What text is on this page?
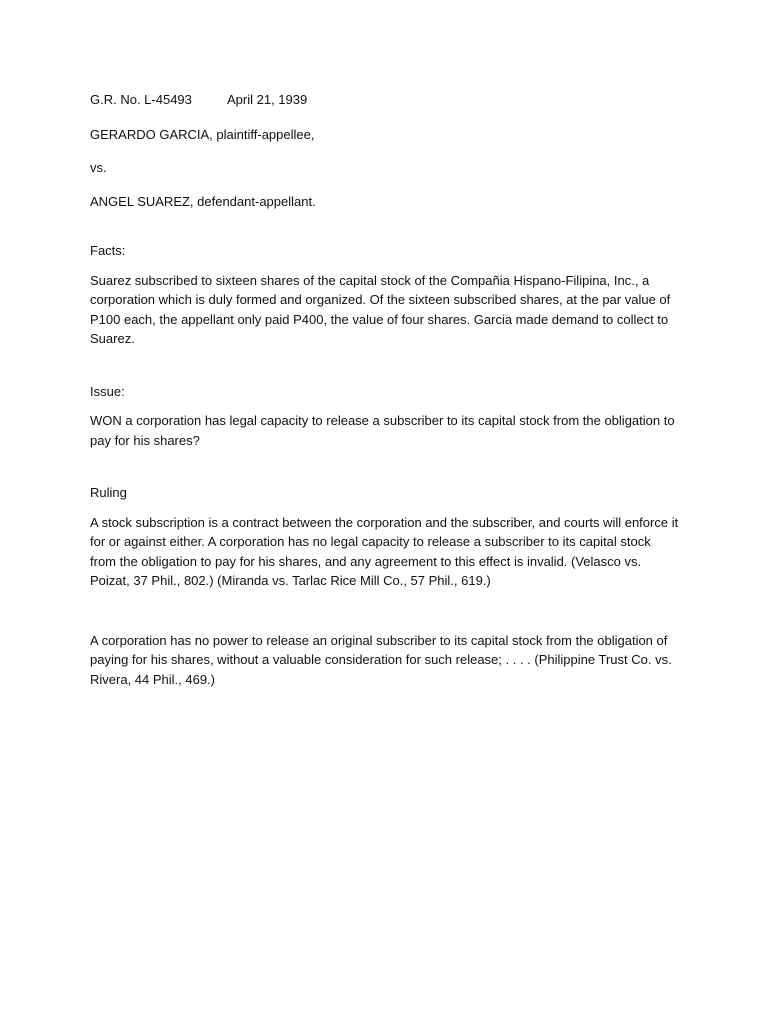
G.R. No. L-45493	April 21, 1939

GERARDO GARCIA, plaintiff-appellee,

vs.

ANGEL SUAREZ, defendant-appellant.

Facts:

Suarez subscribed to sixteen shares of the capital stock of the Compañia Hispano-Filipina, Inc., a corporation which is duly formed and organized. Of the sixteen subscribed shares, at the par value of P100 each, the appellant only paid P400, the value of four shares. Garcia made demand to collect to Suarez.

Issue:

WON a corporation has legal capacity to release a subscriber to its capital stock from the obligation to pay for his shares?

Ruling

A stock subscription is a contract between the corporation and the subscriber, and courts will enforce it for or against either. A corporation has no legal capacity to release a subscriber to its capital stock from the obligation to pay for his shares, and any agreement to this effect is invalid. (Velasco vs. Poizat, 37 Phil., 802.) (Miranda vs. Tarlac Rice Mill Co., 57 Phil., 619.)

A corporation has no power to release an original subscriber to its capital stock from the obligation of paying for his shares, without a valuable consideration for such release; . . . . (Philippine Trust Co. vs. Rivera, 44 Phil., 469.)
